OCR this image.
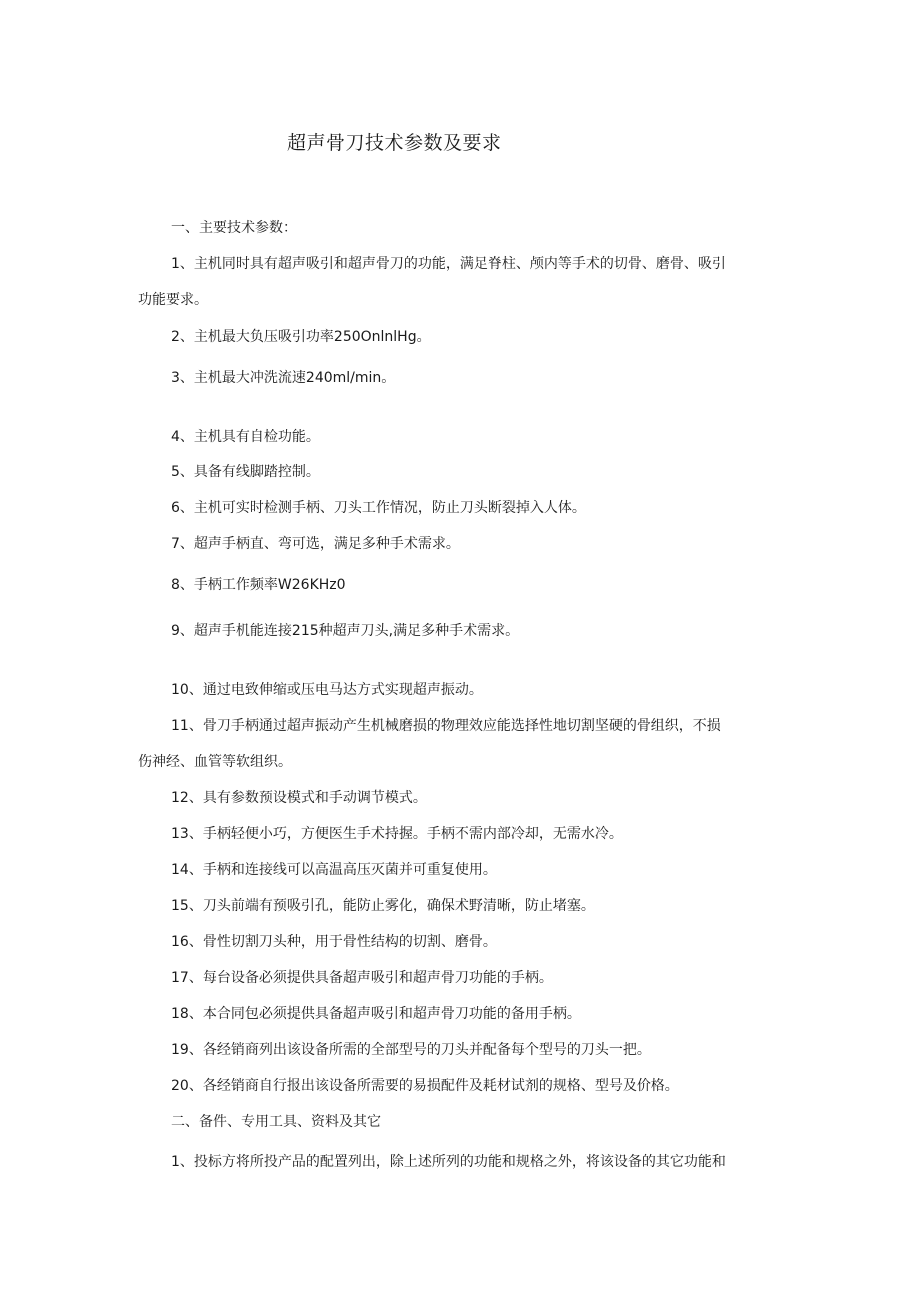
超声骨刀技术参数及要求

一、主要技术参数：

1、主机同时具有超声吸引和超声骨刀的功能，满足脊柱、颅内等手术的切骨、磨骨、吸引

功能要求。

2、主机最大负压吸引功率250OnlnlHg。

3、主机最大冲洗流速240ml/min。

4、主机具有自检功能。

5、具备有线脚踏控制。

6、主机可实时检测手柄、刀头工作情况，防止刀头断裂掉入人体。

7、超声手柄直、弯可选，满足多种手术需求。

8、手柄工作频率W26KHz0

9、超声手机能连接215种超声刀头,满足多种手术需求。

10、通过电致伸缩或压电马达方式实现超声振动。

11、骨刀手柄通过超声振动产生机械磨损的物理效应能选择性地切割坚硬的骨组织，不损

伤神经、血管等软组织。

12、具有参数预设模式和手动调节模式。

13、手柄轻便小巧，方便医生手术持握。手柄不需内部冷却，无需水冷。

14、手柄和连接线可以高温高压灭菌并可重复使用。

15、刀头前端有预吸引孔，能防止雾化，确保术野清晰，防止堵塞。

16、骨性切割刀头种，用于骨性结构的切割、磨骨。

17、每台设备必须提供具备超声吸引和超声骨刀功能的手柄。

18、本合同包必须提供具备超声吸引和超声骨刀功能的备用手柄。

19、各经销商列出该设备所需的全部型号的刀头并配备每个型号的刀头一把。

20、各经销商自行报出该设备所需要的易损配件及耗材试剂的规格、型号及价格。

二、备件、专用工具、资料及其它

1、投标方将所投产品的配置列出，除上述所列的功能和规格之外，将该设备的其它功能和
